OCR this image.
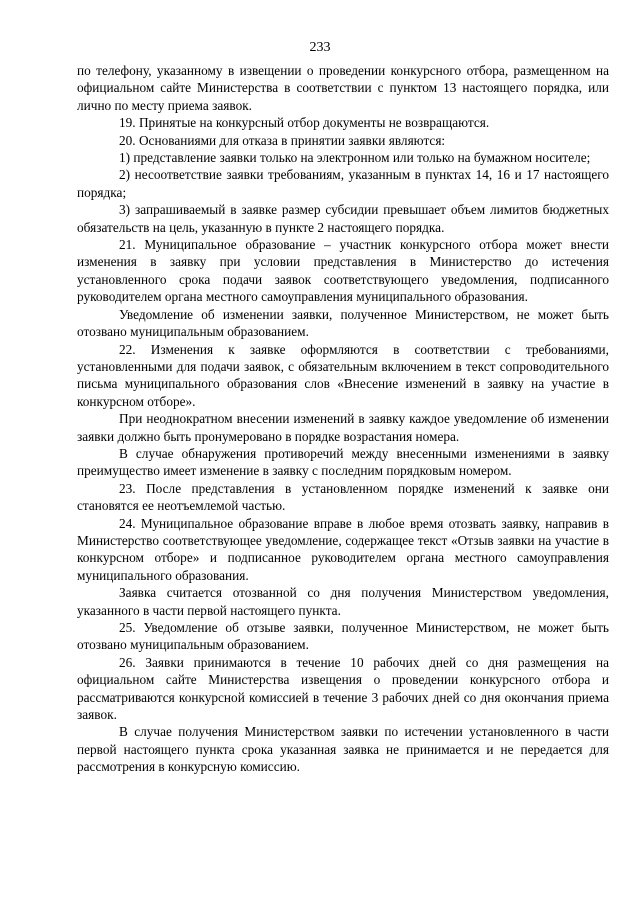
233

по телефону, указанному в извещении о проведении конкурсного отбора, размещенном на официальном сайте Министерства в соответствии с пунктом 13 настоящего порядка, или лично по месту приема заявок.

19. Принятые на конкурсный отбор документы не возвращаются.

20. Основаниями для отказа в принятии заявки являются:

1) представление заявки только на электронном или только на бумажном носителе;

2) несоответствие заявки требованиям, указанным в пунктах 14, 16 и 17 настоящего порядка;

3) запрашиваемый в заявке размер субсидии превышает объем лимитов бюджетных обязательств на цель, указанную в пункте 2 настоящего порядка.

21. Муниципальное образование – участник конкурсного отбора может внести изменения в заявку при условии представления в Министерство до истечения установленного срока подачи заявок соответствующего уведомления, подписанного руководителем органа местного самоуправления муниципального образования.

Уведомление об изменении заявки, полученное Министерством, не может быть отозвано муниципальным образованием.

22. Изменения к заявке оформляются в соответствии с требованиями, установленными для подачи заявок, с обязательным включением в текст сопроводительного письма муниципального образования слов «Внесение изменений в заявку на участие в конкурсном отборе».

При неоднократном внесении изменений в заявку каждое уведомление об изменении заявки должно быть пронумеровано в порядке возрастания номера.

В случае обнаружения противоречий между внесенными изменениями в заявку преимущество имеет изменение в заявку с последним порядковым номером.

23. После представления в установленном порядке изменений к заявке они становятся ее неотъемлемой частью.

24. Муниципальное образование вправе в любое время отозвать заявку, направив в Министерство соответствующее уведомление, содержащее текст «Отзыв заявки на участие в конкурсном отборе» и подписанное руководителем органа местного самоуправления муниципального образования.

Заявка считается отозванной со дня получения Министерством уведомления, указанного в части первой настоящего пункта.

25. Уведомление об отзыве заявки, полученное Министерством, не может быть отозвано муниципальным образованием.

26. Заявки принимаются в течение 10 рабочих дней со дня размещения на официальном сайте Министерства извещения о проведении конкурсного отбора и рассматриваются конкурсной комиссией в течение 3 рабочих дней со дня окончания приема заявок.

В случае получения Министерством заявки по истечении установленного в части первой настоящего пункта срока указанная заявка не принимается и не передается для рассмотрения в конкурсную комиссию.
